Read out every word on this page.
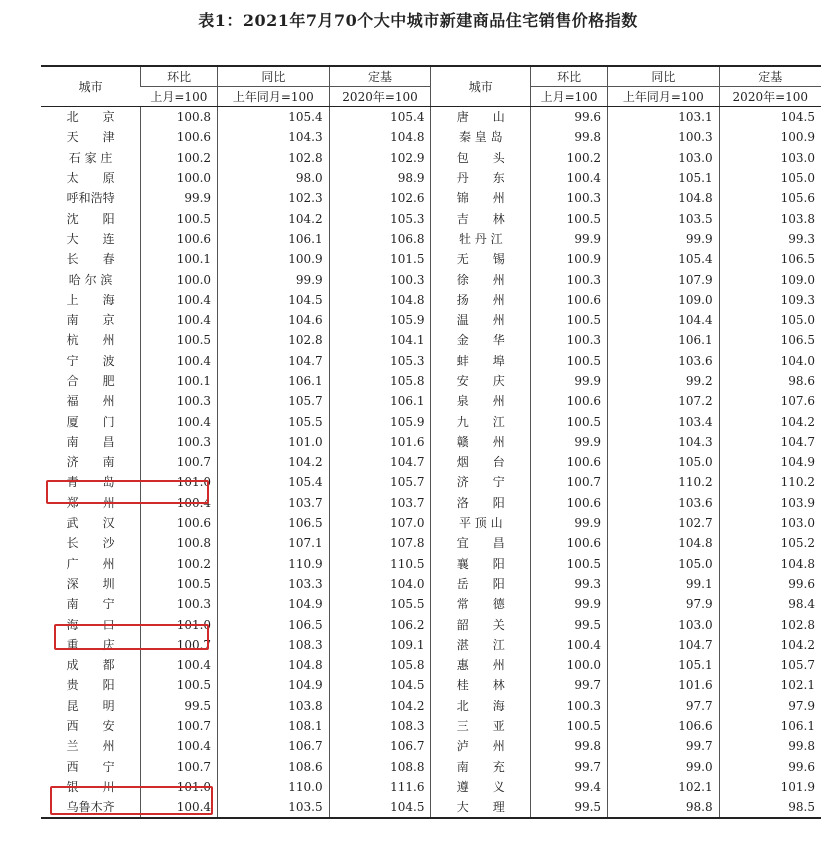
表1：2021年7月70个大中城市新建商品住宅销售价格指数
城市	环比	同比	定基	城市	环比	同比	定基
	上月=100	上年同月=100	2020年=100		上月=100	上年同月=100	2020年=100
北　　京	100.8	105.4	105.4	唐　　山	99.6	103.1	104.5
天　　津	100.6	104.3	104.8	秦 皇 岛	99.8	100.3	100.9
石 家 庄	100.2	102.8	102.9	包　　头	100.2	103.0	103.0
太　　原	100.0	98.0	98.9	丹　　东	100.4	105.1	105.0
呼和浩特	99.9	102.3	102.6	锦　　州	100.3	104.8	105.6
沈　　阳	100.5	104.2	105.3	吉　　林	100.5	103.5	103.8
大　　连	100.6	106.1	106.8	牡 丹 江	99.9	99.9	99.3
长　　春	100.1	100.9	101.5	无　　锡	100.9	105.4	106.5
哈 尔 滨	100.0	99.9	100.3	徐　　州	100.3	107.9	109.0
上　　海	100.4	104.5	104.8	扬　　州	100.6	109.0	109.3
南　　京	100.4	104.6	105.9	温　　州	100.5	104.4	105.0
杭　　州	100.5	102.8	104.1	金　　华	100.3	106.1	106.5
宁　　波	100.4	104.7	105.3	蚌　　埠	100.5	103.6	104.0
合　　肥	100.1	106.1	105.8	安　　庆	99.9	99.2	98.6
福　　州	100.3	105.7	106.1	泉　　州	100.6	107.2	107.6
厦　　门	100.4	105.5	105.9	九　　江	100.5	103.4	104.2
南　　昌	100.3	101.0	101.6	赣　　州	99.9	104.3	104.7
济　　南	100.7	104.2	104.7	烟　　台	100.6	105.0	104.9
青　　岛	101.0	105.4	105.7	济　　宁	100.7	110.2	110.2
郑　　州	100.4	103.7	103.7	洛　　阳	100.6	103.6	103.9
武　　汉	100.6	106.5	107.0	平 顶 山	99.9	102.7	103.0
长　　沙	100.8	107.1	107.8	宜　　昌	100.6	104.8	105.2
广　　州	100.2	110.9	110.5	襄　　阳	100.5	105.0	104.8
深　　圳	100.5	103.3	104.0	岳　　阳	99.3	99.1	99.6
南　　宁	100.3	104.9	105.5	常　　德	99.9	97.9	98.4
海　　口	101.0	106.5	106.2	韶　　关	99.5	103.0	102.8
重　　庆	100.7	108.3	109.1	湛　　江	100.4	104.7	104.2
成　　都	100.4	104.8	105.8	惠　　州	100.0	105.1	105.7
贵　　阳	100.5	104.9	104.5	桂　　林	99.7	101.6	102.1
昆　　明	99.5	103.8	104.2	北　　海	100.3	97.7	97.9
西　　安	100.7	108.1	108.3	三　　亚	100.5	106.6	106.1
兰　　州	100.4	106.7	106.7	泸　　州	99.8	99.7	99.8
西　　宁	100.7	108.6	108.8	南　　充	99.7	99.0	99.6
银　　川	101.0	110.0	111.6	遵　　义	99.4	102.1	101.9
乌鲁木齐	100.4	103.5	104.5	大　　理	99.5	98.8	98.5
